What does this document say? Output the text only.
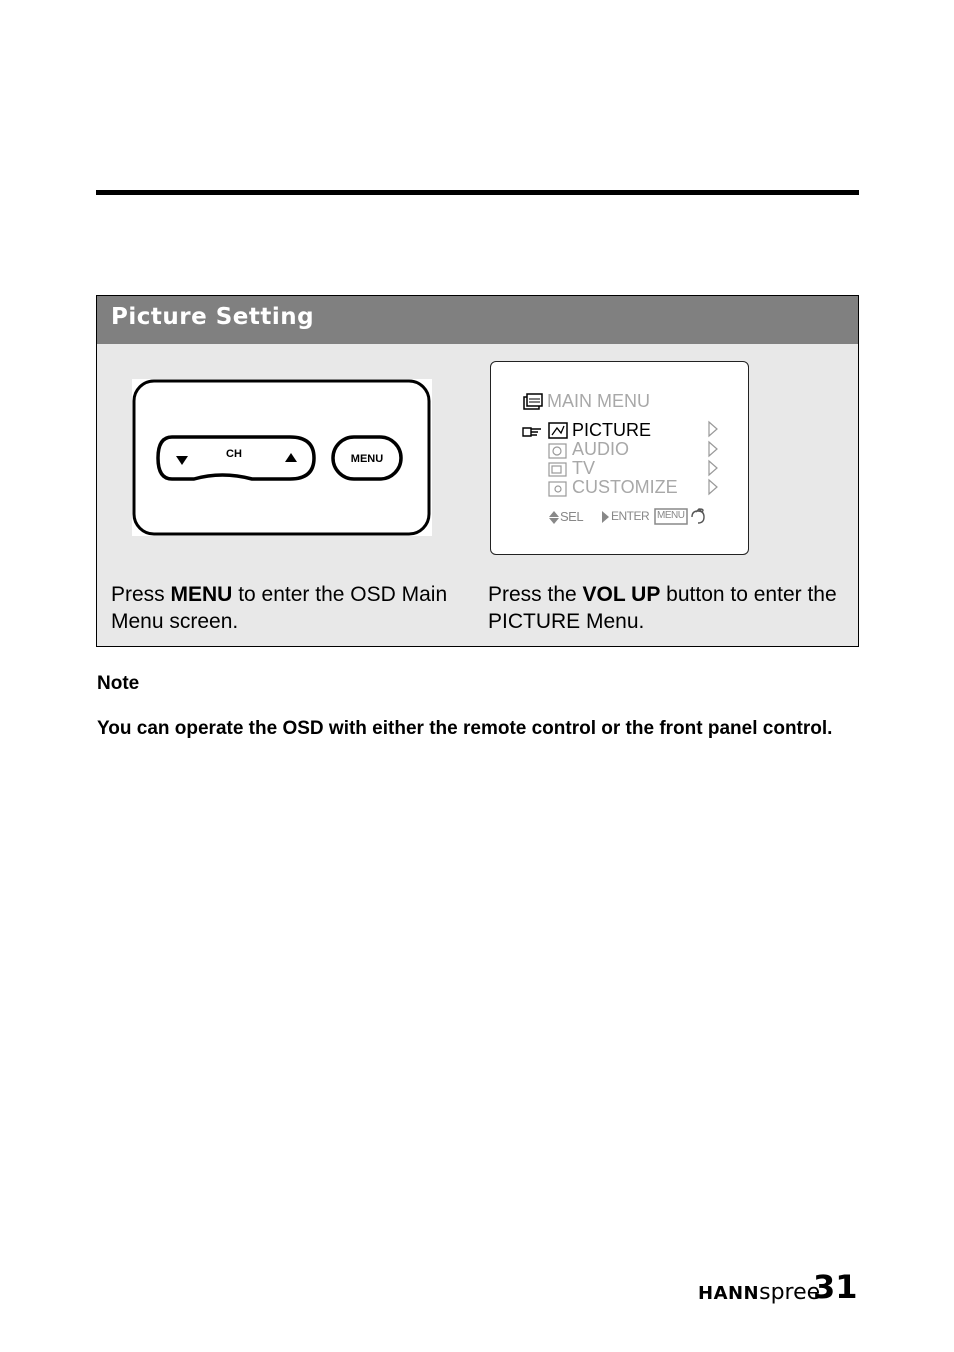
Picture Setting
CH	MENU
MAIN MENU
PICTURE
AUDIO
TV
CUSTOMIZE
SEL ENTER MENU
Press MENU to enter the OSD Main Menu screen.
Press the VOL UP button to enter the PICTURE Menu.
Note
You can operate the OSD with either the remote control or the front panel control.
HANNspree
31
